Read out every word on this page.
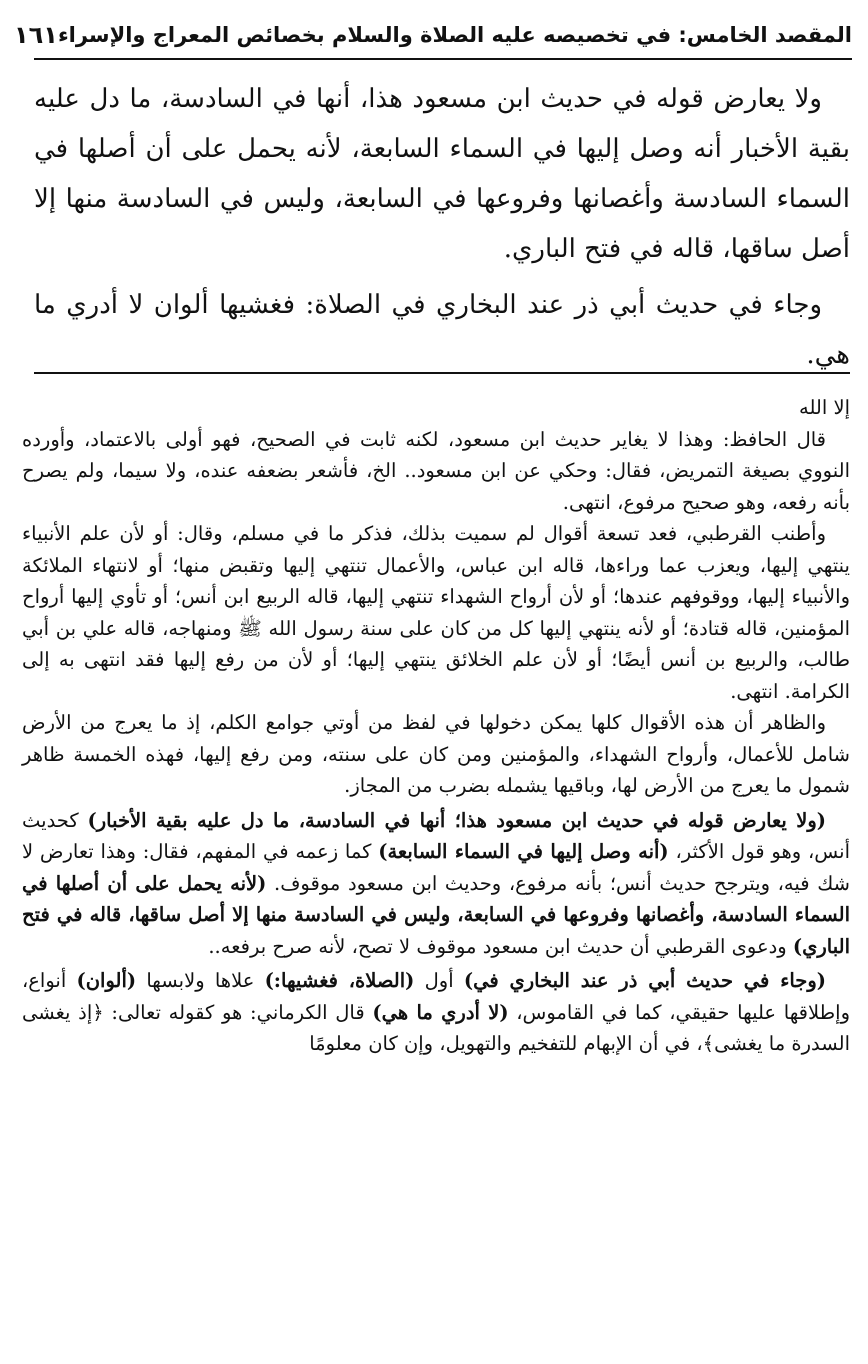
المقصد الخامس: في تخصيصه عليه الصلاة والسلام بخصائص المعراج والإسراء
١٦١

ولا يعارض قوله في حديث ابن مسعود هذا، أنها في السادسة، ما دل عليه بقية الأخبار أنه وصل إليها في السماء السابعة، لأنه يحمل على أن أصلها في السماء السادسة وأغصانها وفروعها في السابعة، وليس في السادسة منها إلا أصل ساقها، قاله في فتح الباري.

وجاء في حديث أبي ذر عند البخاري في الصلاة: فغشيها ألوان لا أدري ما هي.

إلا الله

قال الحافظ: وهذا لا يغاير حديث ابن مسعود، لكنه ثابت في الصحيح، فهو أولى بالاعتماد، وأورده النووي بصيغة التمريض، فقال: وحكي عن ابن مسعود.. الخ، فأشعر بضعفه عنده، ولا سيما، ولم يصرح بأنه رفعه، وهو صحيح مرفوع، انتهى.

وأطنب القرطبي، فعد تسعة أقوال لم سميت بذلك، فذكر ما في مسلم، وقال: أو لأن علم الأنبياء ينتهي إليها، ويعزب عما وراءها، قاله ابن عباس، والأعمال تنتهي إليها وتقبض منها؛ أو لانتهاء الملائكة والأنبياء إليها، ووقوفهم عندها؛ أو لأن أرواح الشهداء تنتهي إليها، قاله الربيع ابن أنس؛ أو تأوي إليها أرواح المؤمنين، قاله قتادة؛ أو لأنه ينتهي إليها كل من كان على سنة رسول الله ﷺ ومنهاجه، قاله علي بن أبي طالب، والربيع بن أنس أيضًا؛ أو لأن علم الخلائق ينتهي إليها؛ أو لأن من رفع إليها فقد انتهى به إلى الكرامة. انتهى.

والظاهر أن هذه الأقوال كلها يمكن دخولها في لفظ من أوتي جوامع الكلم، إذ ما يعرج من الأرض شامل للأعمال، وأرواح الشهداء، والمؤمنين ومن كان على سنته، ومن رفع إليها، فهذه الخمسة ظاهر شمول ما يعرج من الأرض لها، وباقيها يشمله بضرب من المجاز.

(ولا يعارض قوله في حديث ابن مسعود هذا؛ أنها في السادسة، ما دل عليه بقية الأخبار) كحديث أنس، وهو قول الأكثر، (أنه وصل إليها في السماء السابعة) كما زعمه في المفهم، فقال: وهذا تعارض لا شك فيه، ويترجح حديث أنس؛ بأنه مرفوع، وحديث ابن مسعود موقوف. (لأنه يحمل على أن أصلها في السماء السادسة، وأغصانها وفروعها في السابعة، وليس في السادسة منها إلا أصل ساقها، قاله في فتح الباري) ودعوى القرطبي أن حديث ابن مسعود موقوف لا تصح، لأنه صرح برفعه..

(وجاء في حديث أبي ذر عند البخاري في) أول (الصلاة، فغشيها:) علاها ولابسها (ألوان) أنواع، وإطلاقها عليها حقيقي، كما في القاموس، (لا أدري ما هي) قال الكرماني: هو كقوله تعالى: ﴿إذ يغشى السدرة ما يغشى﴾، في أن الإبهام للتفخيم والتهويل، وإن كان معلومًا
